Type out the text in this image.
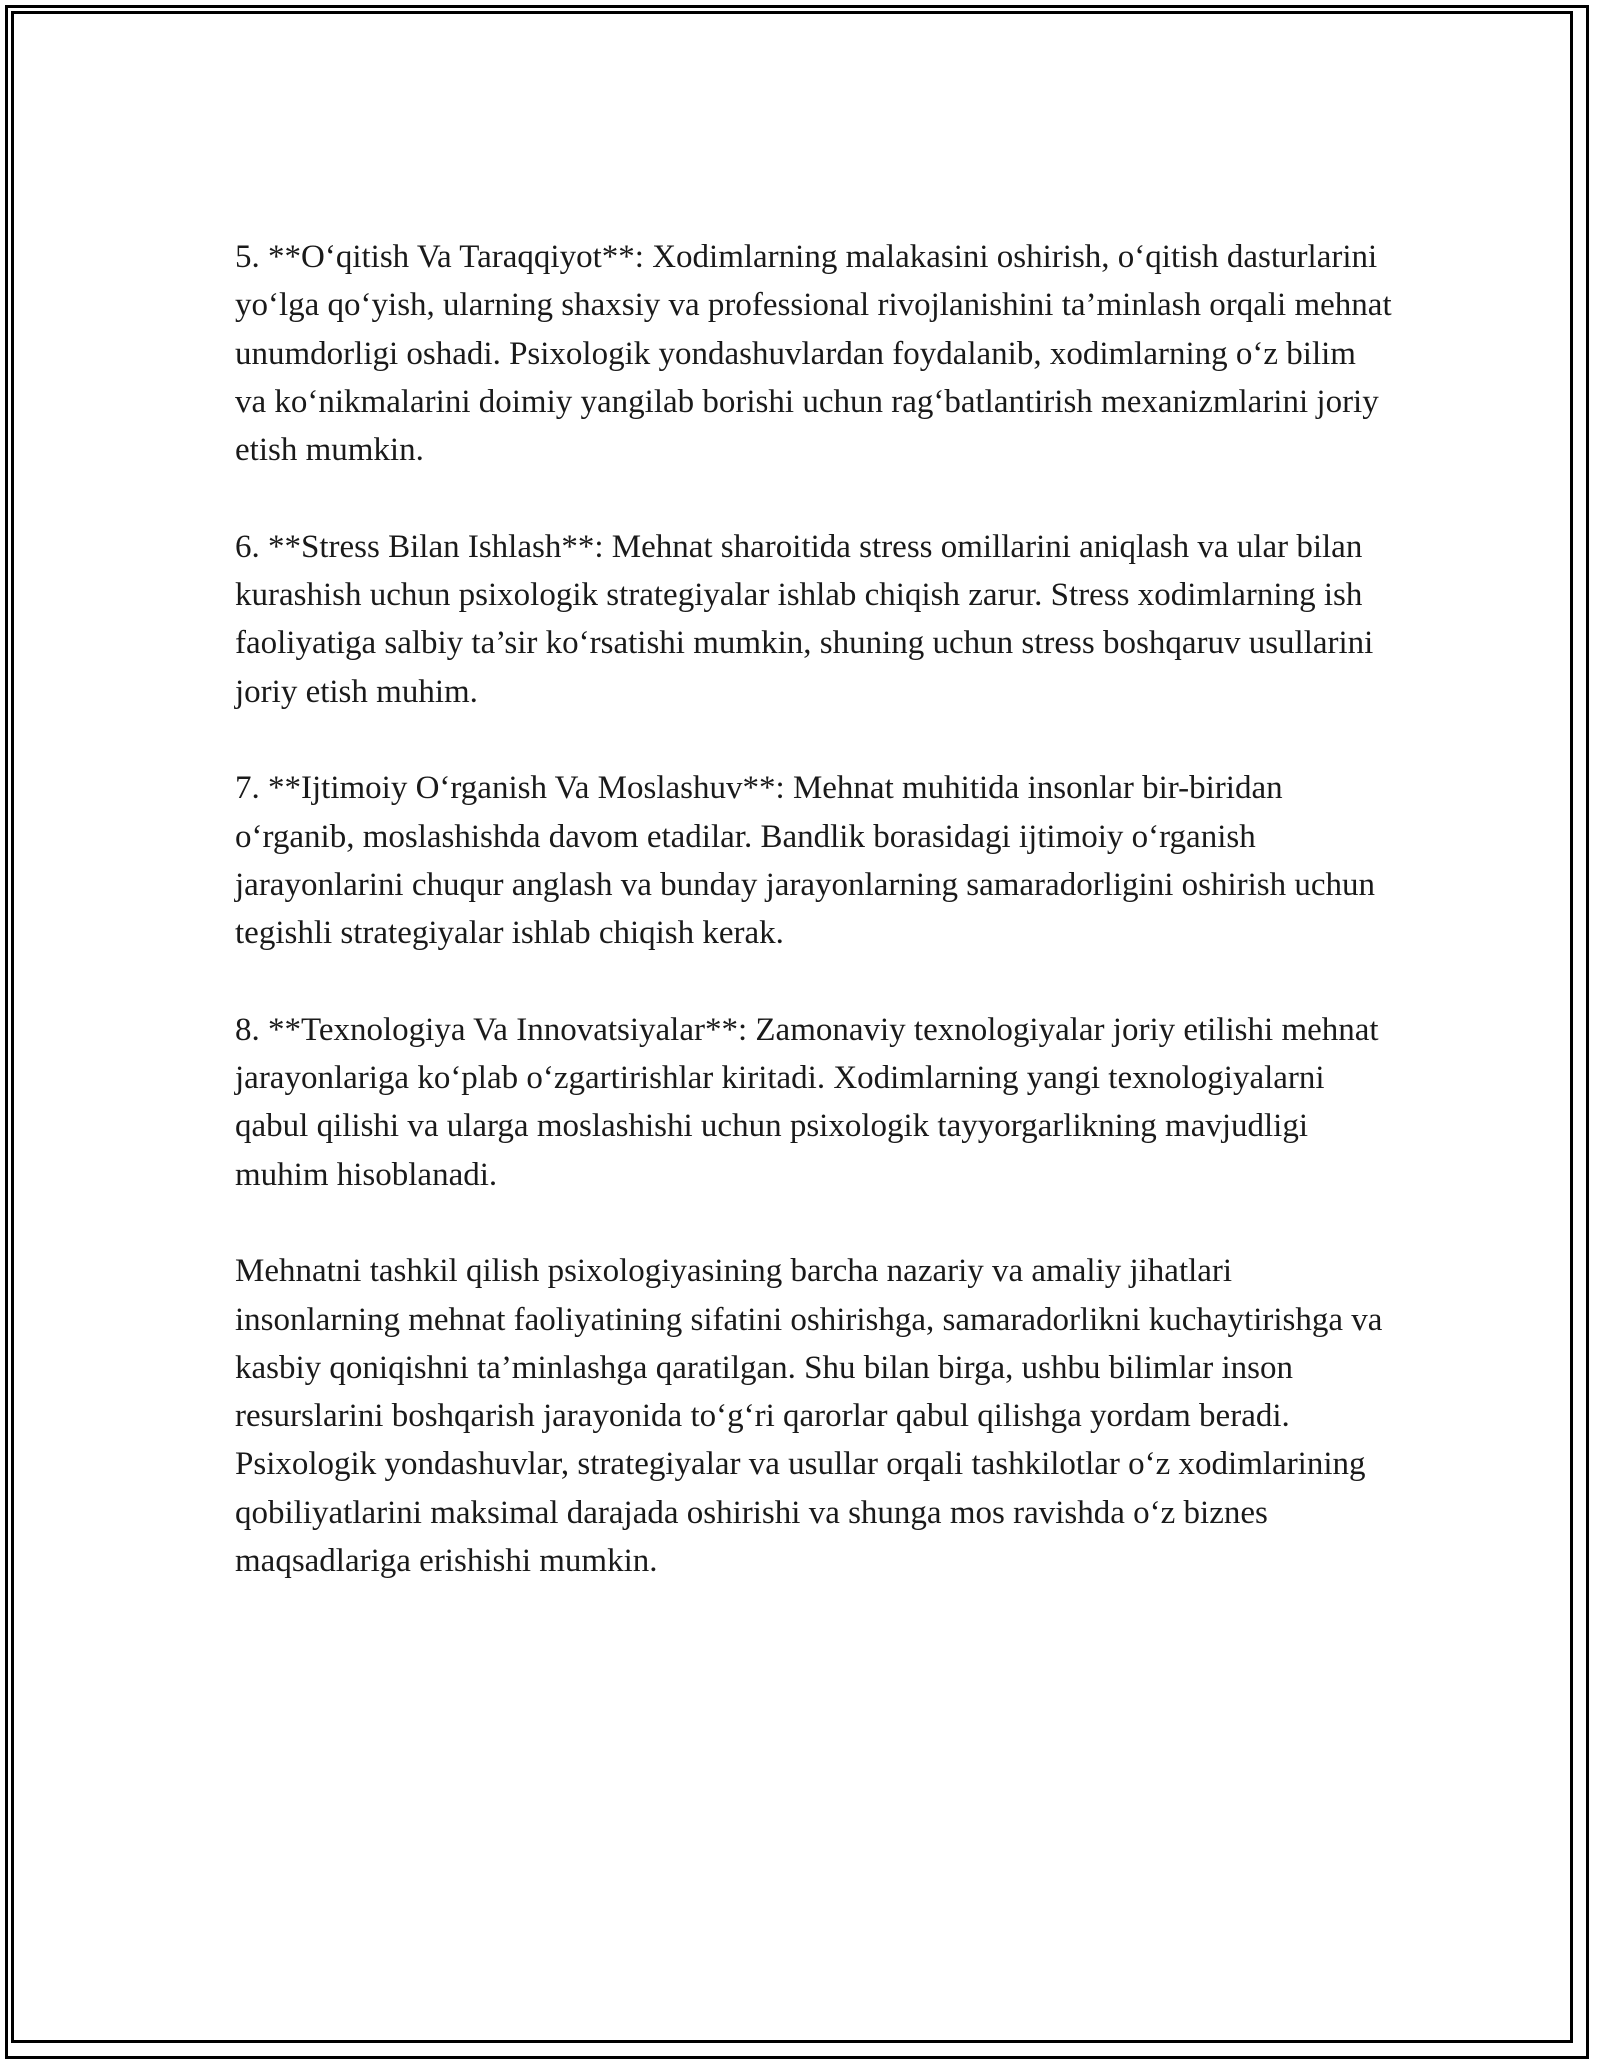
5. **O‘qitish Va Taraqqiyot**: Xodimlarning malakasini oshirish, o‘qitish dasturlarini yo‘lga qo‘yish, ularning shaxsiy va professional rivojlanishini ta’minlash orqali mehnat unumdorligi oshadi. Psixologik yondashuvlardan foydalanib, xodimlarning o‘z bilim va ko‘nikmalarini doimiy yangilab borishi uchun rag‘batlantirish mexanizmlarini joriy etish mumkin.

6. **Stress Bilan Ishlash**: Mehnat sharoitida stress omillarini aniqlash va ular bilan kurashish uchun psixologik strategiyalar ishlab chiqish zarur. Stress xodimlarning ish faoliyatiga salbiy ta’sir ko‘rsatishi mumkin, shuning uchun stress boshqaruv usullarini joriy etish muhim.

7. **Ijtimoiy O‘rganish Va Moslashuv**: Mehnat muhitida insonlar bir-biridan o‘rganib, moslashishda davom etadilar. Bandlik borasidagi ijtimoiy o‘rganish jarayonlarini chuqur anglash va bunday jarayonlarning samaradorligini oshirish uchun tegishli strategiyalar ishlab chiqish kerak.

8. **Texnologiya Va Innovatsiyalar**: Zamonaviy texnologiyalar joriy etilishi mehnat jarayonlariga ko‘plab o‘zgartirishlar kiritadi. Xodimlarning yangi texnologiyalarni qabul qilishi va ularga moslashishi uchun psixologik tayyorgarlikning mavjudligi muhim hisoblanadi.

Mehnatni tashkil qilish psixologiyasining barcha nazariy va amaliy jihatlari insonlarning mehnat faoliyatining sifatini oshirishga, samaradorlikni kuchaytirishga va kasbiy qoniqishni ta’minlashga qaratilgan. Shu bilan birga, ushbu bilimlar inson resurslarini boshqarish jarayonida to‘g‘ri qarorlar qabul qilishga yordam beradi. Psixologik yondashuvlar, strategiyalar va usullar orqali tashkilotlar o‘z xodimlarining qobiliyatlarini maksimal darajada oshirishi va shunga mos ravishda o‘z biznes maqsadlariga erishishi mumkin.
